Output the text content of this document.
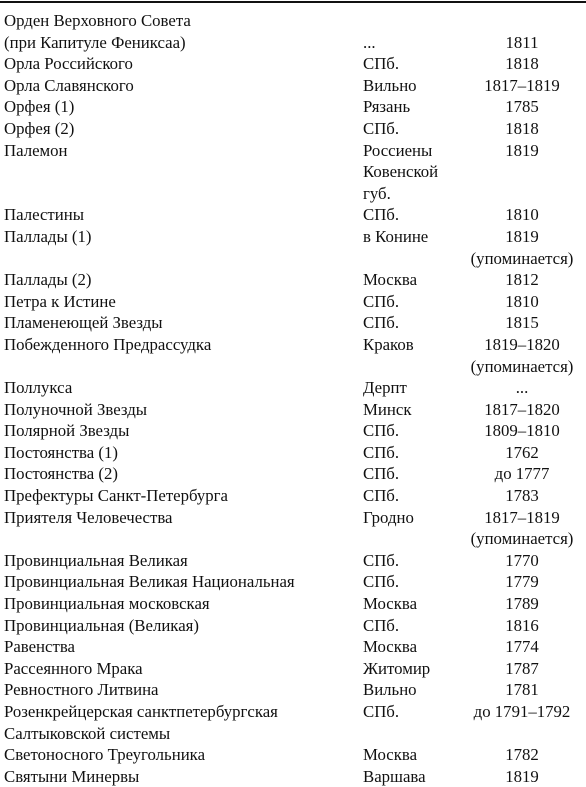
Орден Верховного Совета
(при Капитуле Фениксаа)	...	1811
Орла Российского	СПб.	1818
Орла Славянского	Вильно	1817–1819
Орфея (1)	Рязань	1785
Орфея (2)	СПб.	1818
Палемон	Россиены	1819
Ковенской
губ.
Палестины	СПб.	1810
Паллады (1)	в Конине	1819
(упоминается)
Паллады (2)	Москва	1812
Петра к Истине	СПб.	1810
Пламенеющей Звезды	СПб.	1815
Побежденного Предрассудка	Краков	1819–1820
(упоминается)
Поллукса	Дерпт	...
Полуночной Звезды	Минск	1817–1820
Полярной Звезды	СПб.	1809–1810
Постоянства (1)	СПб.	1762
Постоянства (2)	СПб.	до 1777
Префектуры Санкт-Петербурга	СПб.	1783
Приятеля Человечества	Гродно	1817–1819
(упоминается)
Провинциальная Великая	СПб.	1770
Провинциальная Великая Национальная	СПб.	1779
Провинциальная московская	Москва	1789
Провинциальная (Великая)	СПб.	1816
Равенства	Москва	1774
Рассеянного Мрака	Житомир	1787
Ревностного Литвина	Вильно	1781
Розенкрейцерская санктпетербургская	СПб.	до 1791–1792
Салтыковской системы
Светоносного Треугольника	Москва	1782
Святыни Минервы	Варшава	1819
